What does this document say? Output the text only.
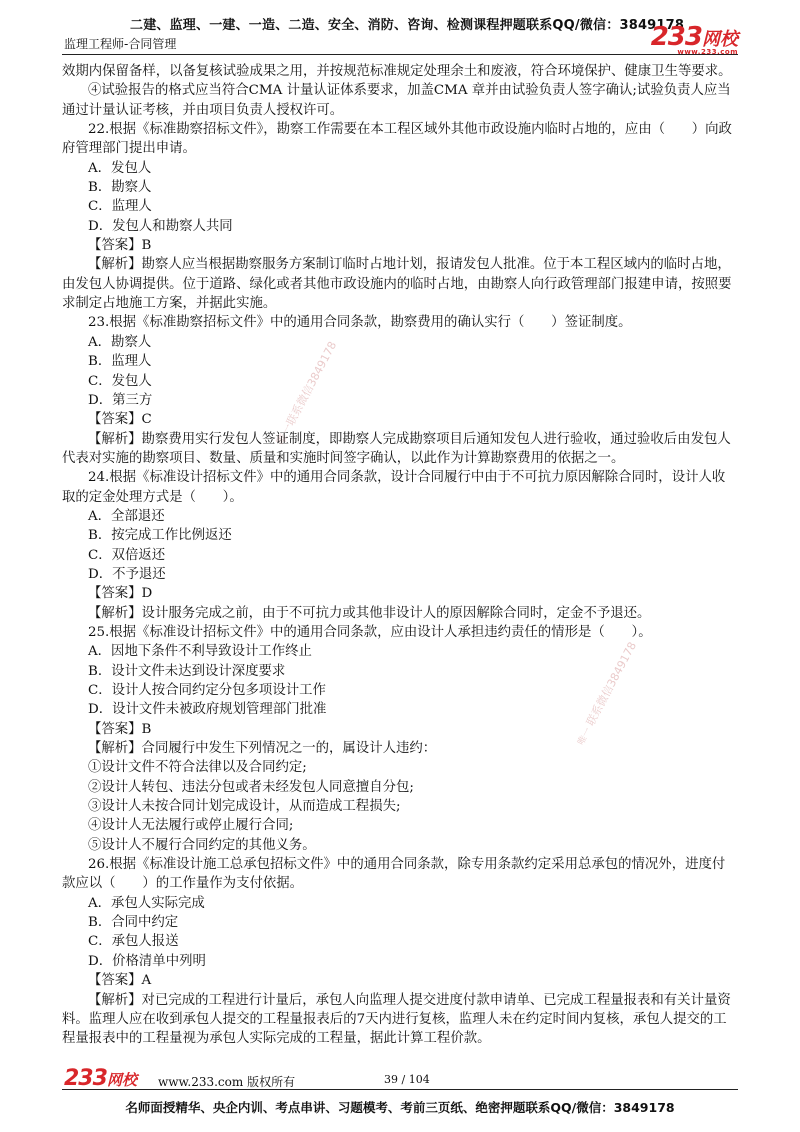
二建、监理、一建、一造、二造、安全、消防、咨询、检测课程押题联系QQ/微信：3849178
监理工程师-合同管理	233网校
www.233.com
唯一联系微信3849178
唯一 联系微信3849178

效期内保留备样，以备复核试验成果之用，并按规范标准规定处理余土和废液，符合环境保护、健康卫生等要求。

④试验报告的格式应当符合CMA 计量认证体系要求，加盖CMA 章并由试验负责人签字确认;试验负责人应当通过计量认证考核，并由项目负责人授权许可。

22.根据《标准勘察招标文件》，勘察工作需要在本工程区域外其他市政设施内临时占地的，应由（　　）向政府管理部门提出申请。

A．发包人

B．勘察人

C．监理人

D．发包人和勘察人共同

【答案】B

【解析】勘察人应当根据勘察服务方案制订临时占地计划，报请发包人批准。位于本工程区域内的临时占地，由发包人协调提供。位于道路、绿化或者其他市政设施内的临时占地，由勘察人向行政管理部门报建申请，按照要求制定占地施工方案，并据此实施。

23.根据《标准勘察招标文件》中的通用合同条款，勘察费用的确认实行（　　）签证制度。

A．勘察人

B．监理人

C．发包人

D．第三方

【答案】C

【解析】勘察费用实行发包人签证制度，即勘察人完成勘察项目后通知发包人进行验收，通过验收后由发包人代表对实施的勘察项目、数量、质量和实施时间签字确认，以此作为计算勘察费用的依据之一。

24.根据《标准设计招标文件》中的通用合同条款，设计合同履行中由于不可抗力原因解除合同时，设计人收取的定金处理方式是（　　）。

A．全部退还

B．按完成工作比例返还

C．双倍返还

D．不予退还

【答案】D

【解析】设计服务完成之前，由于不可抗力或其他非设计人的原因解除合同时，定金不予退还。

25.根据《标准设计招标文件》中的通用合同条款，应由设计人承担违约责任的情形是（　　）。

A．因地下条件不利导致设计工作终止

B．设计文件未达到设计深度要求

C．设计人按合同约定分包多项设计工作

D．设计文件未被政府规划管理部门批准

【答案】B

【解析】合同履行中发生下列情况之一的，属设计人违约：

①设计文件不符合法律以及合同约定;

②设计人转包、违法分包或者未经发包人同意擅自分包;

③设计人未按合同计划完成设计，从而造成工程损失;

④设计人无法履行或停止履行合同;

⑤设计人不履行合同约定的其他义务。

26.根据《标准设计施工总承包招标文件》中的通用合同条款，除专用条款约定采用总承包的情况外，进度付款应以（　　）的工作量作为支付依据。

A．承包人实际完成

B．合同中约定

C．承包人报送

D．价格清单中列明

【答案】A

【解析】对已完成的工程进行计量后，承包人向监理人提交进度付款申请单、已完成工程量报表和有关计量资料。监理人应在收到承包人提交的工程量报表后的7天内进行复核，监理人未在约定时间内复核，承包人提交的工程量报表中的工程量视为承包人实际完成的工程量，据此计算工程价款。

233网校 www.233.com 版权所有	39 / 104
名师面授精华、央企内训、考点串讲、习题模考、考前三页纸、绝密押题联系QQ/微信：3849178
